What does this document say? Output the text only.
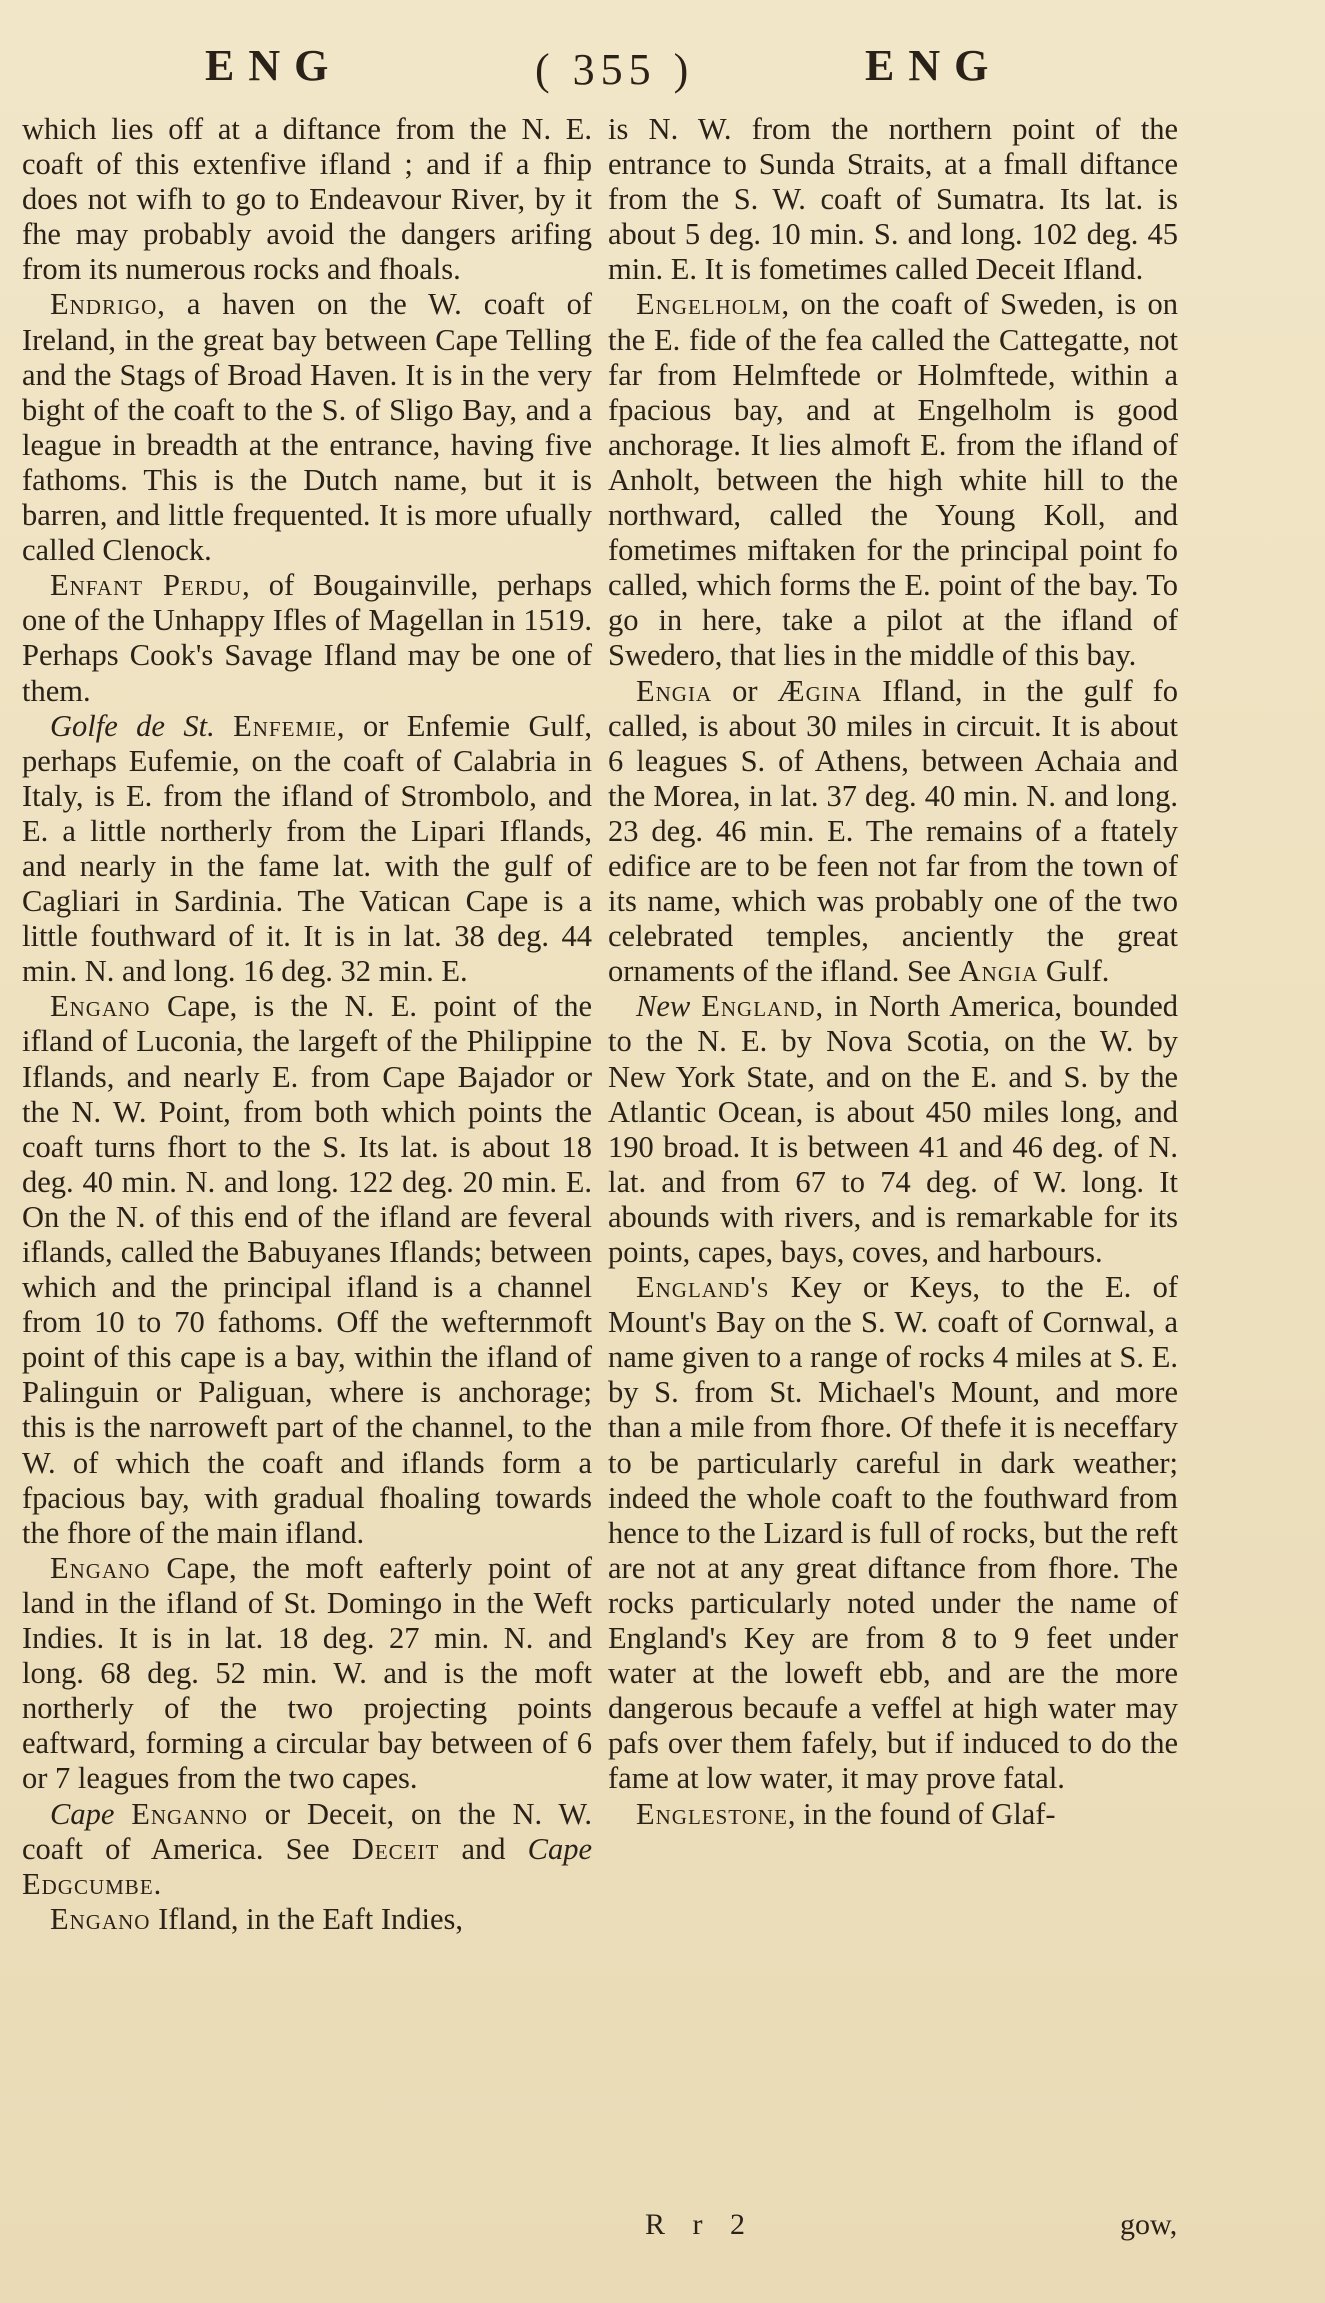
ENG	( 355 )	ENG

which lies off at a diftance from the N. E. coaft of this extenfive ifland ; and if a fhip does not wifh to go to Endeavour River, by it fhe may probably avoid the dangers arifing from its numerous rocks and fhoals.

Endrigo, a haven on the W. coaft of Ireland, in the great bay between Cape Telling and the Stags of Broad Haven. It is in the very bight of the coaft to the S. of Sligo Bay, and a league in breadth at the entrance, having five fathoms. This is the Dutch name, but it is barren, and little frequented. It is more ufually called Clenock.

Enfant Perdu, of Bougainville, perhaps one of the Unhappy Ifles of Magellan in 1519. Perhaps Cook's Savage Ifland may be one of them.

Golfe de St. Enfemie, or Enfemie Gulf, perhaps Eufemie, on the coaft of Calabria in Italy, is E. from the ifland of Strombolo, and E. a little northerly from the Lipari Iflands, and nearly in the fame lat. with the gulf of Cagliari in Sardinia. The Vatican Cape is a little fouthward of it. It is in lat. 38 deg. 44 min. N. and long. 16 deg. 32 min. E.

Engano Cape, is the N. E. point of the ifland of Luconia, the largeft of the Philippine Iflands, and nearly E. from Cape Bajador or the N. W. Point, from both which points the coaft turns fhort to the S. Its lat. is about 18 deg. 40 min. N. and long. 122 deg. 20 min. E. On the N. of this end of the ifland are feveral iflands, called the Babuyanes Iflands; between which and the principal ifland is a channel from 10 to 70 fathoms. Off the wefternmoft point of this cape is a bay, within the ifland of Palinguin or Paliguan, where is anchorage; this is the narroweft part of the channel, to the W. of which the coaft and iflands form a fpacious bay, with gradual fhoaling towards the fhore of the main ifland.

Engano Cape, the moft eafterly point of land in the ifland of St. Domingo in the Weft Indies. It is in lat. 18 deg. 27 min. N. and long. 68 deg. 52 min. W. and is the moft northerly of the two projecting points eaftward, forming a circular bay between of 6 or 7 leagues from the two capes.

Cape Enganno or Deceit, on the N. W. coaft of America. See Deceit and Cape Edgcumbe.

Engano Ifland, in the Eaft Indies,

is N. W. from the northern point of the entrance to Sunda Straits, at a fmall diftance from the S. W. coaft of Sumatra. Its lat. is about 5 deg. 10 min. S. and long. 102 deg. 45 min. E. It is fometimes called Deceit Ifland.

Engelholm, on the coaft of Sweden, is on the E. fide of the fea called the Cattegatte, not far from Helmftede or Holmftede, within a fpacious bay, and at Engelholm is good anchorage. It lies almoft E. from the ifland of Anholt, between the high white hill to the northward, called the Young Koll, and fometimes miftaken for the principal point fo called, which forms the E. point of the bay. To go in here, take a pilot at the ifland of Swedero, that lies in the middle of this bay.

Engia or Ægina Ifland, in the gulf fo called, is about 30 miles in circuit. It is about 6 leagues S. of Athens, between Achaia and the Morea, in lat. 37 deg. 40 min. N. and long. 23 deg. 46 min. E. The remains of a ftately edifice are to be feen not far from the town of its name, which was probably one of the two celebrated temples, anciently the great ornaments of the ifland. See Angia Gulf.

New England, in North America, bounded to the N. E. by Nova Scotia, on the W. by New York State, and on the E. and S. by the Atlantic Ocean, is about 450 miles long, and 190 broad. It is between 41 and 46 deg. of N. lat. and from 67 to 74 deg. of W. long. It abounds with rivers, and is remarkable for its points, capes, bays, coves, and harbours.

England's Key or Keys, to the E. of Mount's Bay on the S. W. coaft of Cornwal, a name given to a range of rocks 4 miles at S. E. by S. from St. Michael's Mount, and more than a mile from fhore. Of thefe it is neceffary to be particularly careful in dark weather; indeed the whole coaft to the fouthward from hence to the Lizard is full of rocks, but the reft are not at any great diftance from fhore. The rocks particularly noted under the name of England's Key are from 8 to 9 feet under water at the loweft ebb, and are the more dangerous becaufe a veffel at high water may pafs over them fafely, but if induced to do the fame at low water, it may prove fatal.

Englestone, in the found of Glaf-

R r 2	gow,
